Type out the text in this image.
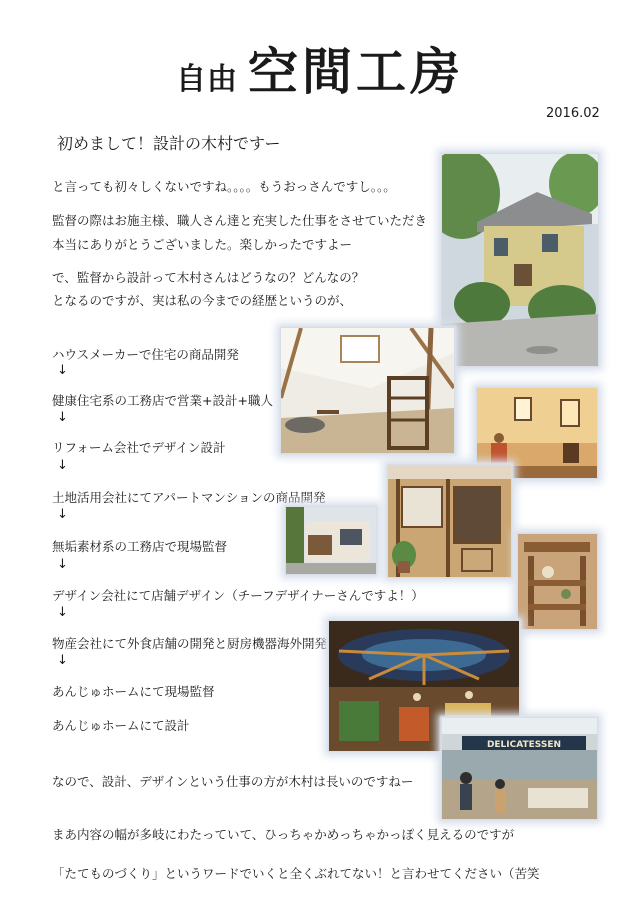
自由 空間工房
2016.02
初めまして！設計の木村ですー
と言っても初々しくないですね。。。。もうおっさんですし。。。
監督の際はお施主様、職人さん達と充実した仕事をさせていただき
本当にありがとうございました。楽しかったですよー
で、監督から設計って木村さんはどうなの？どんなの？
となるのですが、実は私の今までの経歴というのが、
ハウスメーカーで住宅の商品開発
↓
健康住宅系の工務店で営業+設計+職人
↓
リフォーム会社でデザイン設計
↓
土地活用会社にてアパートマンションの商品開発
↓
無垢素材系の工務店で現場監督
↓
デザイン会社にて店舗デザイン（チーフデザイナーさんですよ！）
↓
物産会社にて外食店舗の開発と厨房機器海外開発
↓
あんじゅホームにて現場監督
あんじゅホームにて設計
なので、設計、デザインという仕事の方が木村は長いのですねー
まあ内容の幅が多岐にわたっていて、ひっちゃかめっちゃかっぽく見えるのですが
「たてものづくり」というワードでいくと全くぶれてない！と言わせてください（苦笑
DELICATESSEN
